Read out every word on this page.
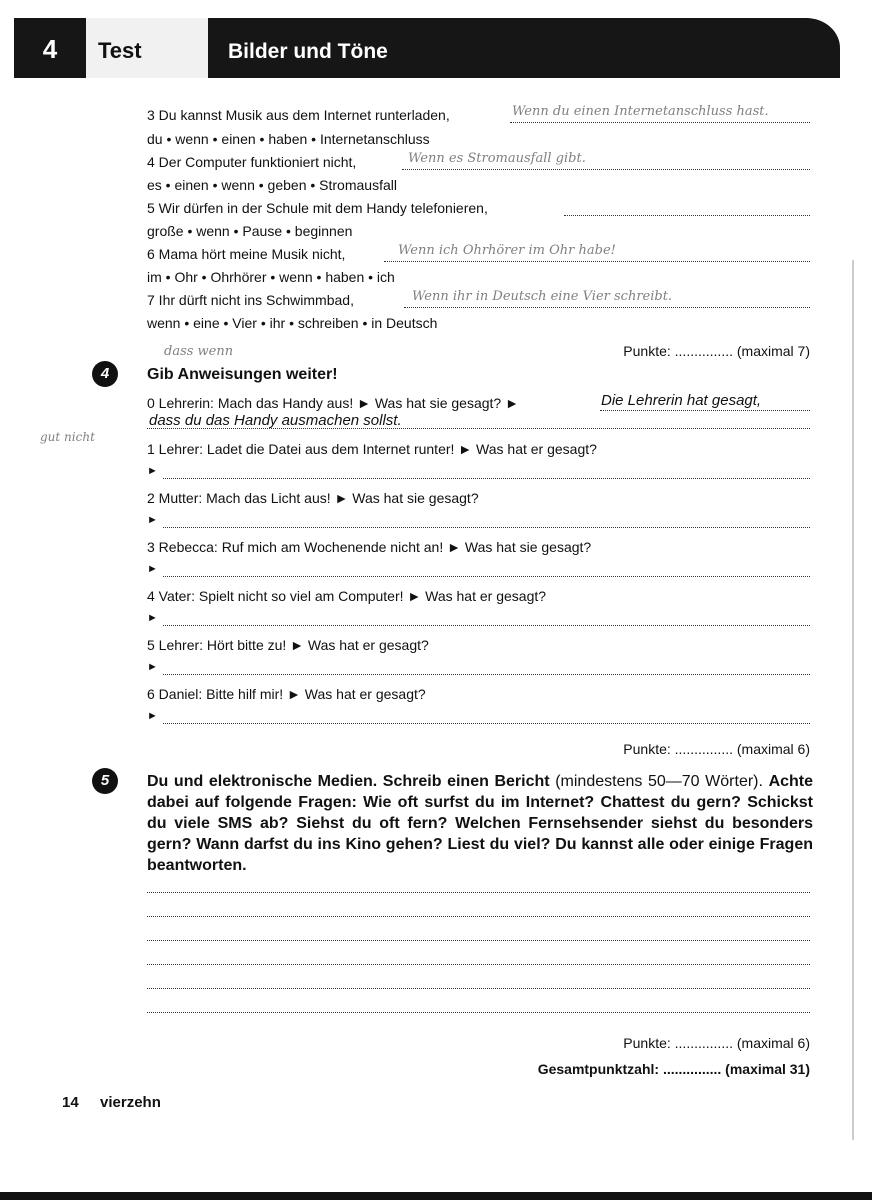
4	Test	Bilder und Töne
3 Du kannst Musik aus dem Internet runterladen,	Wenn du einen Internetanschluss hast.
du • wenn • einen • haben • Internetanschluss
4 Der Computer funktioniert nicht,	Wenn es Stromausfall gibt.
es • einen • wenn • geben • Stromausfall
5 Wir dürfen in der Schule mit dem Handy telefonieren,
große • wenn • Pause • beginnen
6 Mama hört meine Musik nicht,	Wenn ich Ohrhörer im Ohr habe!
im • Ohr • Ohrhörer • wenn • haben • ich
7 Ihr dürft nicht ins Schwimmbad,	Wenn ihr in Deutsch eine Vier schreibt.
wenn • eine • Vier • ihr • schreiben • in Deutsch
dass wenn	Punkte: ............... (maximal 7)
4	Gib Anweisungen weiter!
0 Lehrerin: Mach das Handy aus! ► Was hat sie gesagt? ►	Die Lehrerin hat gesagt,
dass du das Handy ausmachen sollst.
gut nicht
1 Lehrer: Ladet die Datei aus dem Internet runter! ► Was hat er gesagt?
►
2 Mutter: Mach das Licht aus! ► Was hat sie gesagt?
►
3 Rebecca: Ruf mich am Wochenende nicht an! ► Was hat sie gesagt?
►
4 Vater: Spielt nicht so viel am Computer! ► Was hat er gesagt?
►
5 Lehrer: Hört bitte zu! ► Was hat er gesagt?
►
6 Daniel: Bitte hilf mir! ► Was hat er gesagt?
►
Punkte: ............... (maximal 6)
5	Du und elektronische Medien. Schreib einen Bericht (mindestens 50—70 Wörter). Achte dabei auf folgende Fragen: Wie oft surfst du im Internet? Chattest du gern? Schickst du viele SMS ab? Siehst du oft fern? Welchen Fernsehsender siehst du besonders gern? Wann darfst du ins Kino gehen? Liest du viel? Du kannst alle oder einige Fragen beantworten.
Punkte: ............... (maximal 6)
Gesamtpunktzahl: ............... (maximal 31)
14 vierzehn
